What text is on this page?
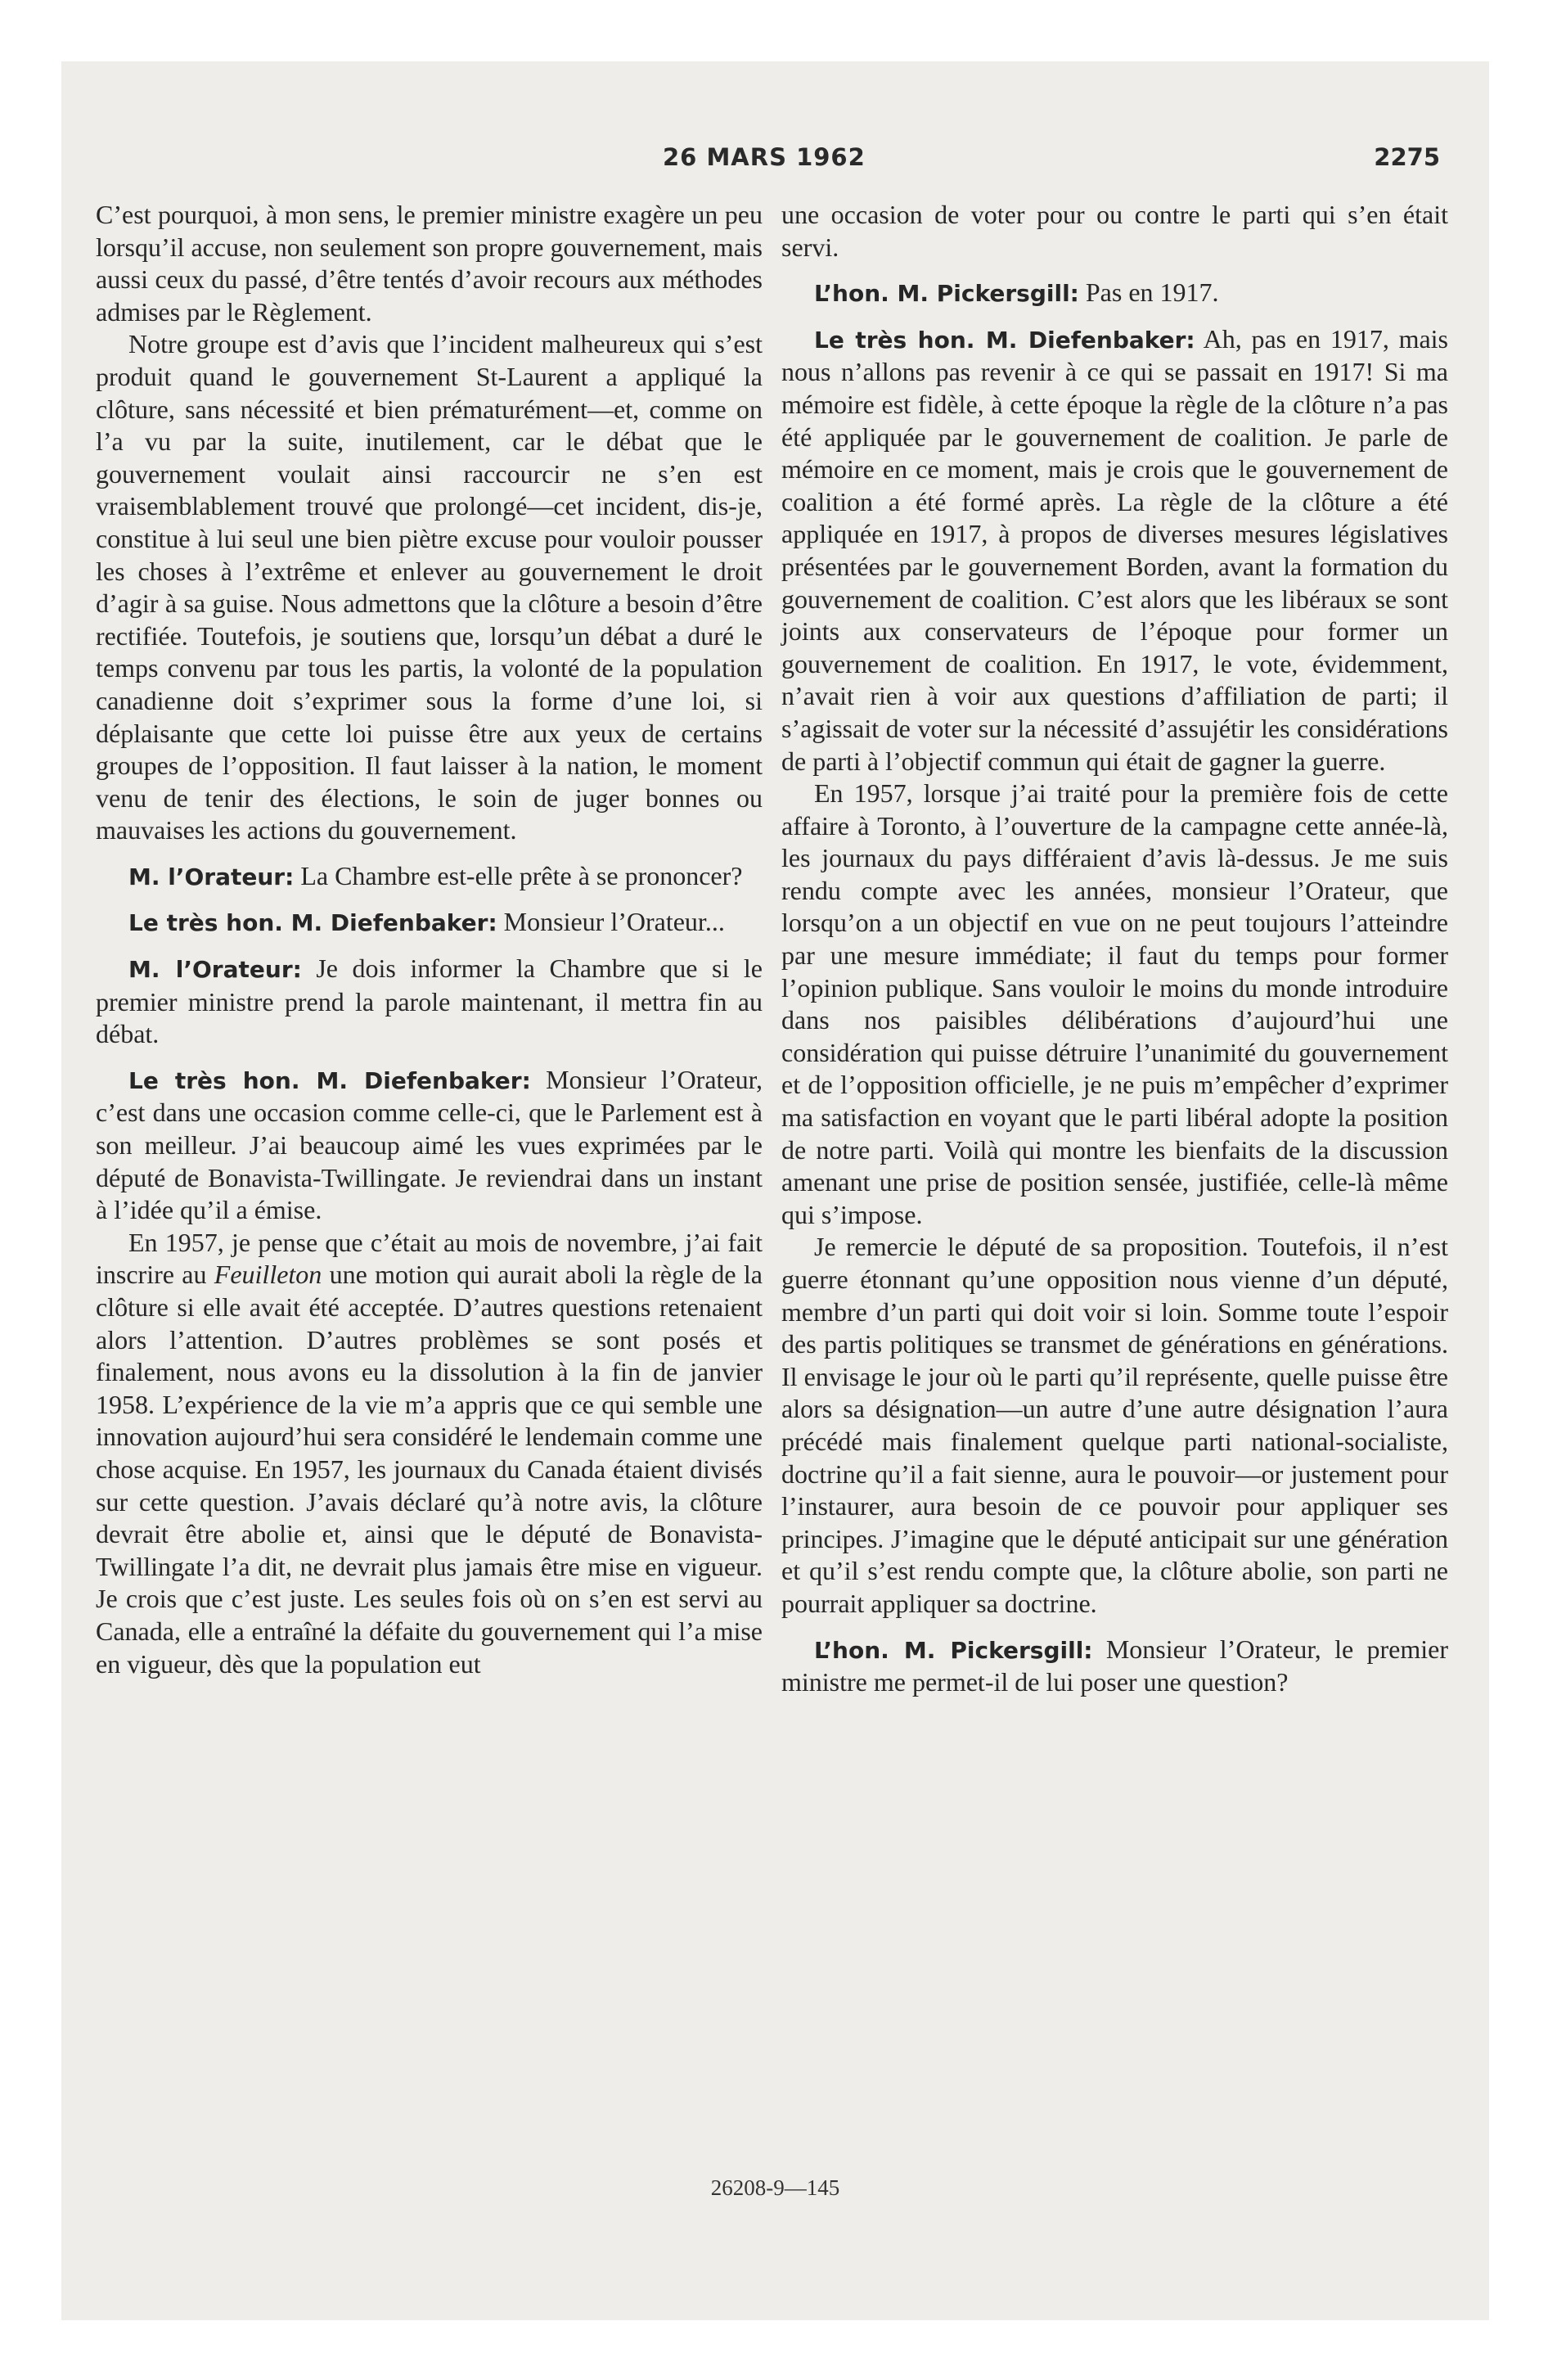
26 MARS 1962	2275

C’est pourquoi, à mon sens, le premier ministre exagère un peu lorsqu’il accuse, non seulement son propre gouvernement, mais aussi ceux du passé, d’être tentés d’avoir recours aux méthodes admises par le Règlement.

Notre groupe est d’avis que l’incident malheureux qui s’est produit quand le gouvernement St-Laurent a appliqué la clôture, sans nécessité et bien prématurément—et, comme on l’a vu par la suite, inutilement, car le débat que le gouvernement voulait ainsi raccourcir ne s’en est vraisemblablement trouvé que prolongé—cet incident, dis-je, constitue à lui seul une bien piètre excuse pour vouloir pousser les choses à l’extrême et enlever au gouvernement le droit d’agir à sa guise. Nous admettons que la clôture a besoin d’être rectifiée. Toutefois, je soutiens que, lorsqu’un débat a duré le temps convenu par tous les partis, la volonté de la population canadienne doit s’exprimer sous la forme d’une loi, si déplaisante que cette loi puisse être aux yeux de certains groupes de l’opposition. Il faut laisser à la nation, le moment venu de tenir des élections, le soin de juger bonnes ou mauvaises les actions du gouvernement.

M. l’Orateur: La Chambre est-elle prête à se prononcer?

Le très hon. M. Diefenbaker: Monsieur l’Orateur...

M. l’Orateur: Je dois informer la Chambre que si le premier ministre prend la parole maintenant, il mettra fin au débat.

Le très hon. M. Diefenbaker: Monsieur l’Orateur, c’est dans une occasion comme celle-ci, que le Parlement est à son meilleur. J’ai beaucoup aimé les vues exprimées par le député de Bonavista-Twillingate. Je reviendrai dans un instant à l’idée qu’il a émise.

En 1957, je pense que c’était au mois de novembre, j’ai fait inscrire au Feuilleton une motion qui aurait aboli la règle de la clôture si elle avait été acceptée. D’autres questions retenaient alors l’attention. D’autres problèmes se sont posés et finalement, nous avons eu la dissolution à la fin de janvier 1958. L’expérience de la vie m’a appris que ce qui semble une innovation aujourd’hui sera considéré le lendemain comme une chose acquise. En 1957, les journaux du Canada étaient divisés sur cette question. J’avais déclaré qu’à notre avis, la clôture devrait être abolie et, ainsi que le député de Bonavista-Twillingate l’a dit, ne devrait plus jamais être mise en vigueur. Je crois que c’est juste. Les seules fois où on s’en est servi au Canada, elle a entraîné la défaite du gouvernement qui l’a mise en vigueur, dès que la population eut

une occasion de voter pour ou contre le parti qui s’en était servi.

L’hon. M. Pickersgill: Pas en 1917.

Le très hon. M. Diefenbaker: Ah, pas en 1917, mais nous n’allons pas revenir à ce qui se passait en 1917! Si ma mémoire est fidèle, à cette époque la règle de la clôture n’a pas été appliquée par le gouvernement de coalition. Je parle de mémoire en ce moment, mais je crois que le gouvernement de coalition a été formé après. La règle de la clôture a été appliquée en 1917, à propos de diverses mesures législatives présentées par le gouvernement Borden, avant la formation du gouvernement de coalition. C’est alors que les libéraux se sont joints aux conservateurs de l’époque pour former un gouvernement de coalition. En 1917, le vote, évidemment, n’avait rien à voir aux questions d’affiliation de parti; il s’agissait de voter sur la nécessité d’assujétir les considérations de parti à l’objectif commun qui était de gagner la guerre.

En 1957, lorsque j’ai traité pour la première fois de cette affaire à Toronto, à l’ouverture de la campagne cette année-là, les journaux du pays différaient d’avis là-dessus. Je me suis rendu compte avec les années, monsieur l’Orateur, que lorsqu’on a un objectif en vue on ne peut toujours l’atteindre par une mesure immédiate; il faut du temps pour former l’opinion publique. Sans vouloir le moins du monde introduire dans nos paisibles délibérations d’aujourd’hui une considération qui puisse détruire l’unanimité du gouvernement et de l’opposition officielle, je ne puis m’empêcher d’exprimer ma satisfaction en voyant que le parti libéral adopte la position de notre parti. Voilà qui montre les bienfaits de la discussion amenant une prise de position sensée, justifiée, celle-là même qui s’impose.

Je remercie le député de sa proposition. Toutefois, il n’est guerre étonnant qu’une opposition nous vienne d’un député, membre d’un parti qui doit voir si loin. Somme toute l’espoir des partis politiques se transmet de générations en générations. Il envisage le jour où le parti qu’il représente, quelle puisse être alors sa désignation—un autre d’une autre désignation l’aura précédé mais finalement quelque parti national-socialiste, doctrine qu’il a fait sienne, aura le pouvoir—or justement pour l’instaurer, aura besoin de ce pouvoir pour appliquer ses principes. J’imagine que le député anticipait sur une génération et qu’il s’est rendu compte que, la clôture abolie, son parti ne pourrait appliquer sa doctrine.

L’hon. M. Pickersgill: Monsieur l’Orateur, le premier ministre me permet-il de lui poser une question?

26208-9—145
